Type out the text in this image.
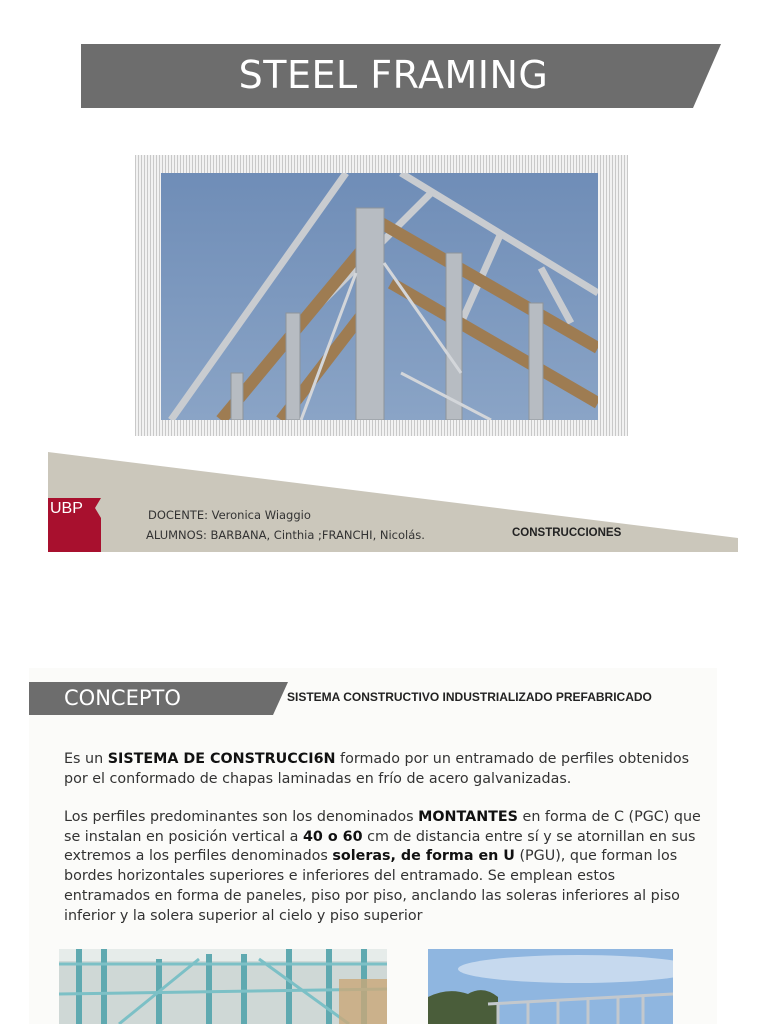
STEEL FRAMING
UBP	DOCENTE: Veronica Wiaggio
ALUMNOS: BARBANA, Cinthia ;FRANCHI, Nicolás.	CONSTRUCCIONES
CONCEPTO	SISTEMA CONSTRUCTIVO INDUSTRIALIZADO PREFABRICADO
Es un SISTEMA DE CONSTRUCCI6N formado por un entramado de perfiles obtenidos por el conformado de chapas laminadas en frío de acero galvanizadas.
Los perfiles predominantes son los denominados MONTANTES en forma de C (PGC) que se instalan en posición vertical a 40 o 60 cm de distancia entre sí y se atornillan en sus extremos a los perfiles denominados soleras, de forma en U (PGU), que forman los bordes horizontales superiores e inferiores del entramado. Se emplean estos entramados en forma de paneles, piso por piso, anclando las soleras inferiores al piso inferior y la solera superior al cielo y piso superior
